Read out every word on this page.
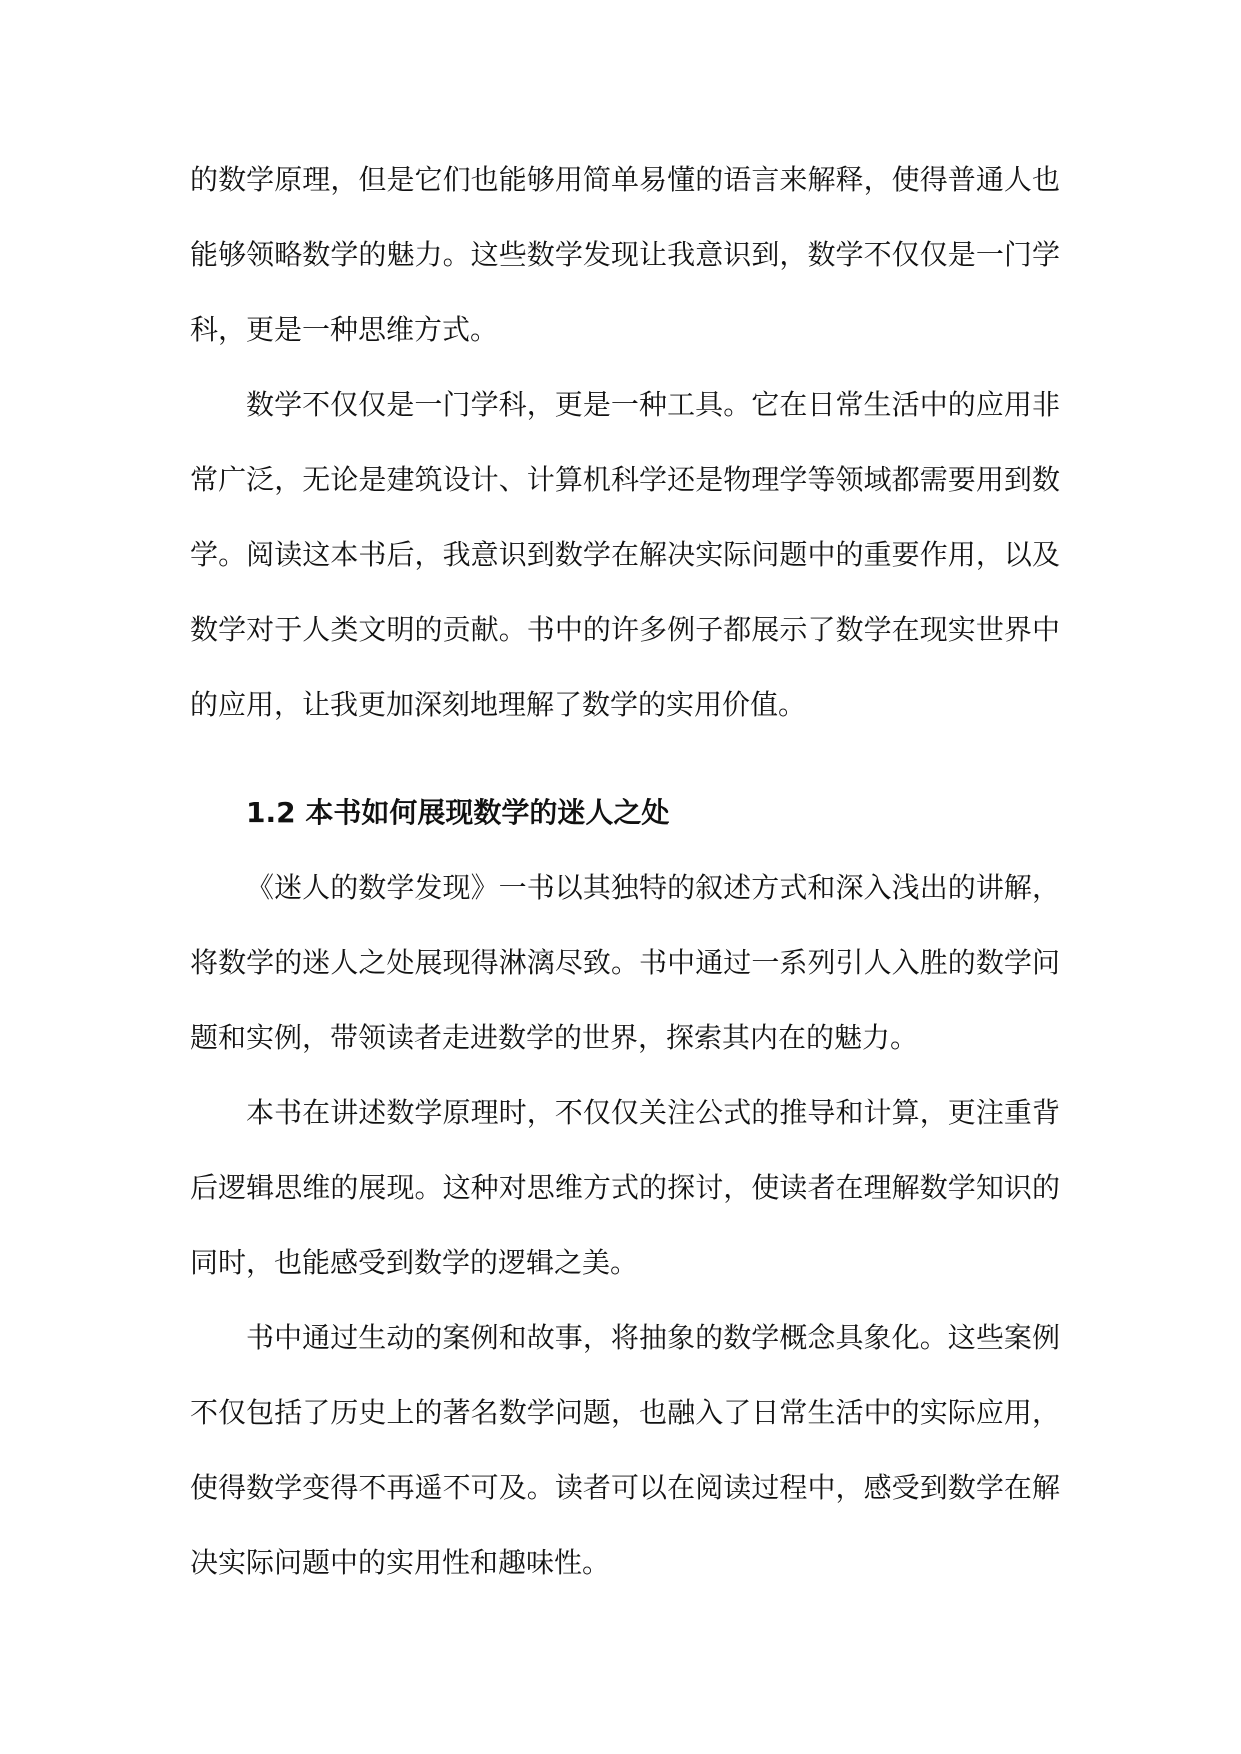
的数学原理，但是它们也能够用简单易懂的语言来解释，使得普通人也能够领略数学的魅力。这些数学发现让我意识到，数学不仅仅是一门学科，更是一种思维方式。

数学不仅仅是一门学科，更是一种工具。它在日常生活中的应用非常广泛，无论是建筑设计、计算机科学还是物理学等领域都需要用到数学。阅读这本书后，我意识到数学在解决实际问题中的重要作用，以及数学对于人类文明的贡献。书中的许多例子都展示了数学在现实世界中的应用，让我更加深刻地理解了数学的实用价值。

1.2 本书如何展现数学的迷人之处

《迷人的数学发现》一书以其独特的叙述方式和深入浅出的讲解，将数学的迷人之处展现得淋漓尽致。书中通过一系列引人入胜的数学问题和实例，带领读者走进数学的世界，探索其内在的魅力。

本书在讲述数学原理时，不仅仅关注公式的推导和计算，更注重背后逻辑思维的展现。这种对思维方式的探讨，使读者在理解数学知识的同时，也能感受到数学的逻辑之美。

书中通过生动的案例和故事，将抽象的数学概念具象化。这些案例不仅包括了历史上的著名数学问题，也融入了日常生活中的实际应用，使得数学变得不再遥不可及。读者可以在阅读过程中，感受到数学在解决实际问题中的实用性和趣味性。
